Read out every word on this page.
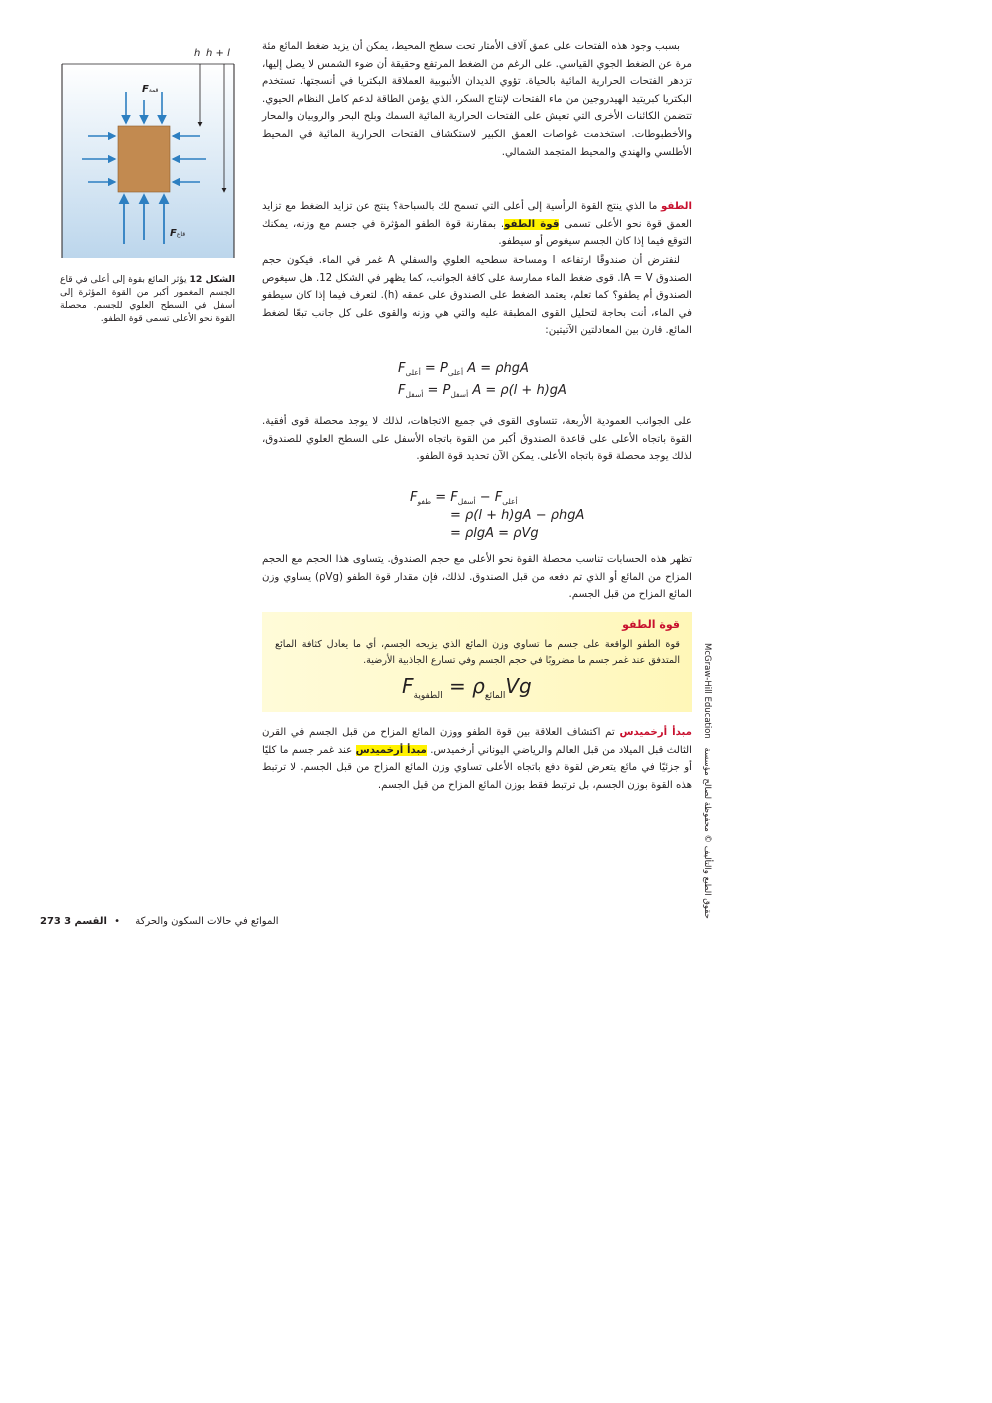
h h + l
Fقمة
Fقاع
الشكل 12 يؤثر المائع بقوة إلى أعلى في قاع الجسم المغمور أكبر من القوة المؤثرة إلى أسفل في السطح العلوي للجسم. محصلة القوة نحو الأعلى تسمى قوة الطفو.

بسبب وجود هذه الفتحات على عمق آلاف الأمتار تحت سطح المحيط، يمكن أن يزيد ضغط المائع مئة مرة عن الضغط الجوي القياسي. على الرغم من الضغط المرتفع وحقيقة أن ضوء الشمس لا يصل إليها، تزدهر الفتحات الحرارية المائية بالحياة. تؤوي الديدان الأنبوبية العملاقة البكتريا في أنسجتها. تستخدم البكتريا كبريتيد الهيدروجين من ماء الفتحات لإنتاج السكر، الذي يؤمن الطاقة لدعم كامل النظام الحيوي. تتضمن الكائنات الأخرى التي تعيش على الفتحات الحرارية المائية السمك وبلح البحر والروبيان والمحار والأخطبوطات. استخدمت غواصات العمق الكبير لاستكشاف الفتحات الحرارية المائية في المحيط الأطلسي والهندي والمحيط المتجمد الشمالي.

الطفو ما الذي ينتج القوة الرأسية إلى أعلى التي تسمح لك بالسباحة؟ ينتج عن تزايد الضغط مع تزايد العمق قوة نحو الأعلى تسمى قوة الطفو. بمقارنة قوة الطفو المؤثرة في جسم مع وزنه، يمكنك التوقع فيما إذا كان الجسم سيغوص أو سيطفو.

لنفترض أن صندوقًا ارتفاعه l ومساحة سطحيه العلوي والسفلي A غمر في الماء. فيكون حجم الصندوق lA = V. قوى ضغط الماء ممارسة على كافة الجوانب، كما يظهر في الشكل 12. هل سيغوص الصندوق أم يطفو؟ كما تعلم، يعتمد الضغط على الصندوق على عمقه (h). لتعرف فيما إذا كان سيطفو في الماء، أنت بحاجة لتحليل القوى المطبقة عليه والتي هي وزنه والقوى على كل جانب تبعًا لضغط المائع. قارن بين المعادلتين الآتيتين:

$F_{أعلى} = P_{أعلى}$ A = ρhgA
$F_{أسفل} = P_{أسفل}$ A = ρ(l + h)gA

على الجوانب العمودية الأربعة، تتساوى القوى في جميع الاتجاهات، لذلك لا يوجد محصلة قوى أفقية. القوة باتجاه الأعلى على قاعدة الصندوق أكبر من القوة باتجاه الأسفل على السطح العلوي للصندوق، لذلك يوجد محصلة قوة باتجاه الأعلى. يمكن الآن تحديد قوة الطفو.

$F_{طفو} = F_{أسفل} - F_{أعلى}$
= ρ(l + h)gA − ρhgA
= ρlgA = ρVg

تظهر هذه الحسابات تناسب محصلة القوة نحو الأعلى مع حجم الصندوق. يتساوى هذا الحجم مع الحجم المزاح من المائع أو الذي تم دفعه من قبل الصندوق. لذلك، فإن مقدار قوة الطفو (ρVg) يساوي وزن المائع المزاح من قبل الجسم.

قوة الطفو
قوة الطفو الواقعة على جسم ما تساوي وزن المائع الذي يزيحه الجسم، أي ما يعادل كثافة المائع المتدفق عند غمر جسم ما مضروبًا في حجم الجسم وفي تسارع الجاذبية الأرضية.
$F_{الطفوية} = \rho_{المائع}Vg$

مبدأ أرخميدس تم اكتشاف العلاقة بين قوة الطفو ووزن المائع المزاح من قبل الجسم في القرن الثالث قبل الميلاد من قبل العالم والرياضي اليوناني أرخميدس. مبدأ أرخميدس عند غمر جسم ما كليًا أو جزئيًا في مائع يتعرض لقوة دفع باتجاه الأعلى تساوي وزن المائع المزاح من قبل الجسم. لا ترتبط هذه القوة بوزن الجسم، بل ترتبط فقط بوزن المائع المزاح من قبل الجسم.

McGraw-Hill Education حقوق الطبع والتأليف © محفوظة لصالح مؤسسة
273	الموائع في حالات السكون والحركة • القسم 3
